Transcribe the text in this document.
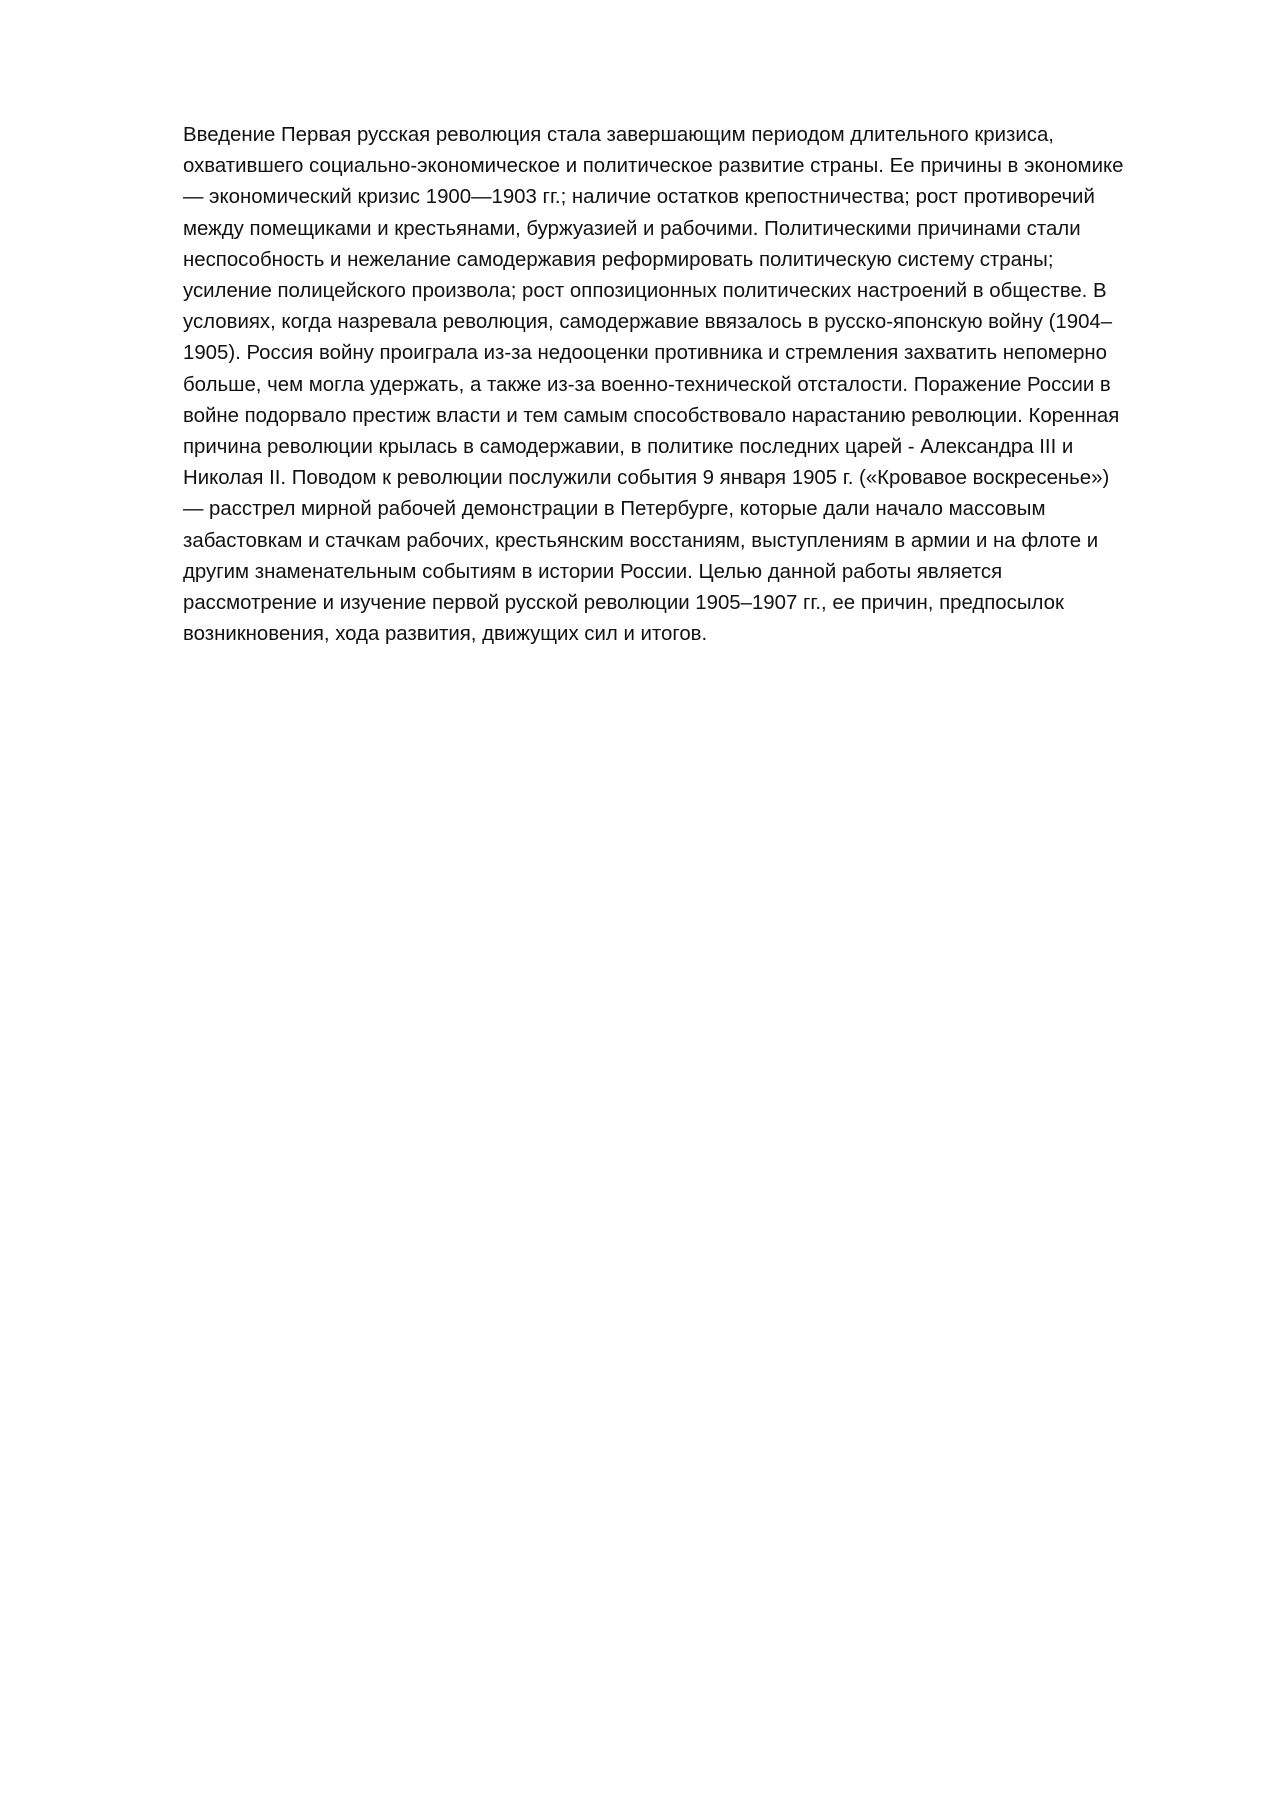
Введение Первая русская революция стала завершающим периодом длительного кризиса,
охватившего социально-экономическое и политическое развитие страны. Ее причины в экономике
— экономический кризис 1900—1903 гг.; наличие остатков крепостничества; рост противоречий
между помещиками и крестьянами, буржуазией и рабочими. Политическими причинами стали
неспособность и нежелание самодержавия реформировать политическую систему страны;
усиление полицейского произвола; рост оппозиционных политических настроений в обществе. В
условиях, когда назревала революция, самодержавие ввязалось в русско-японскую войну (1904–
1905). Россия войну проиграла из-за недооценки противника и стремления захватить непомерно
больше, чем могла удержать, а также из-за военно-технической отсталости. Поражение России в
войне подорвало престиж власти и тем самым способствовало нарастанию революции. Коренная
причина революции крылась в самодержавии, в политике последних царей - Александра III и
Николая II. Поводом к революции послужили события 9 января 1905 г. («Кровавое воскресенье»)
— расстрел мирной рабочей демонстрации в Петербурге, которые дали начало массовым
забастовкам и стачкам рабочих, крестьянским восстаниям, выступлениям в армии и на флоте и
другим знаменательным событиям в истории России. Целью данной работы является
рассмотрение и изучение первой русской революции 1905–1907 гг., ее причин, предпосылок
возникновения, хода развития, движущих сил и итогов.
